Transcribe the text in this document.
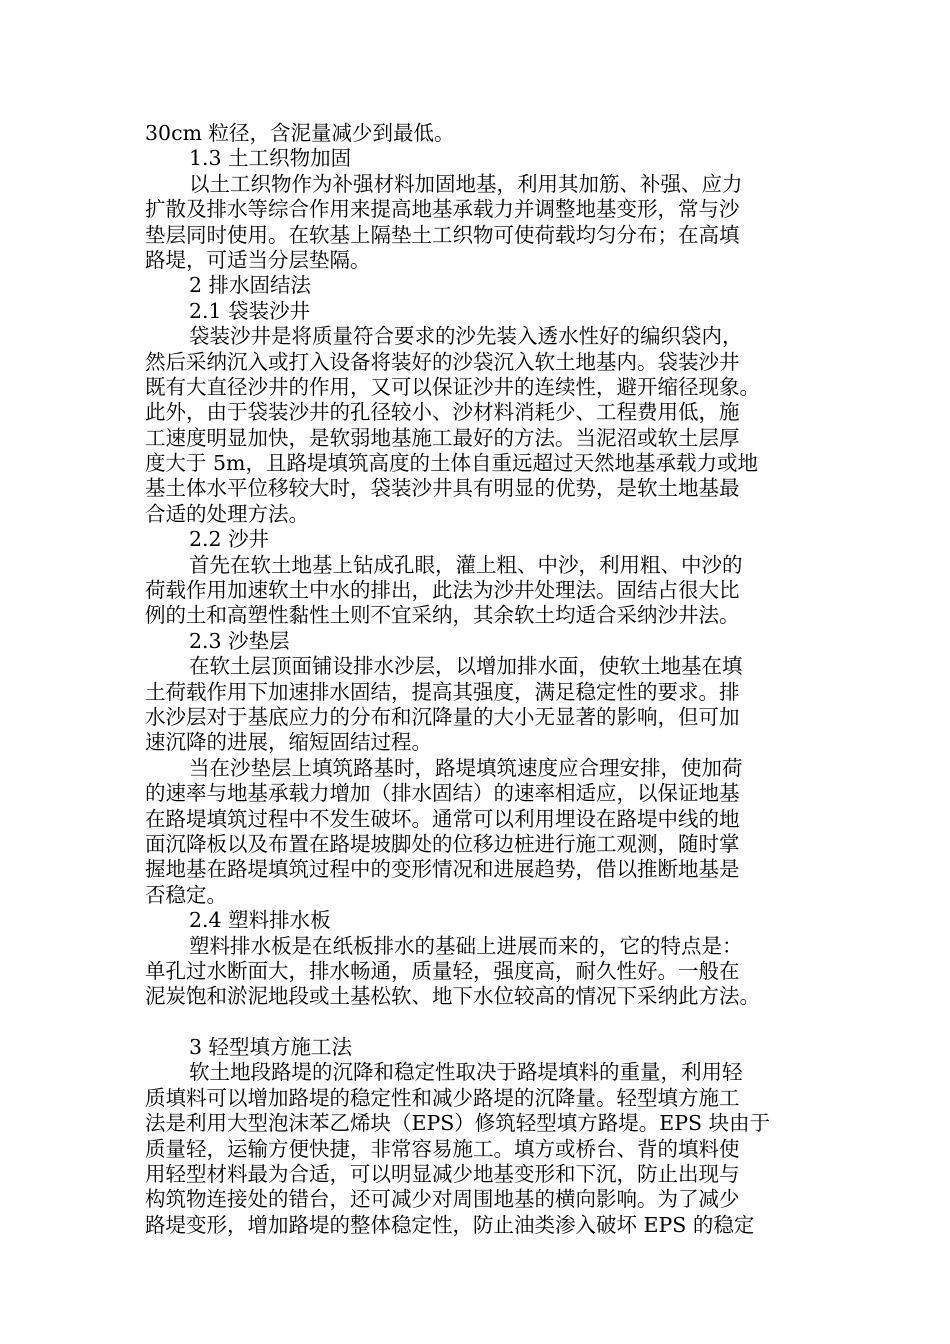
30cm 粒径，含泥量减少到最低。
1.3 土工织物加固
以土工织物作为补强材料加固地基，利用其加筋、补强、应力
扩散及排水等综合作用来提高地基承载力并调整地基变形，常与沙
垫层同时使用。在软基上隔垫土工织物可使荷载均匀分布；在高填
路堤，可适当分层垫隔。
2 排水固结法
2.1 袋装沙井
袋装沙井是将质量符合要求的沙先装入透水性好的编织袋内，
然后采纳沉入或打入设备将装好的沙袋沉入软土地基内。袋装沙井
既有大直径沙井的作用，又可以保证沙井的连续性，避开缩径现象。
此外，由于袋装沙井的孔径较小、沙材料消耗少、工程费用低，施
工速度明显加快，是软弱地基施工最好的方法。当泥沼或软土层厚
度大于 5m，且路堤填筑高度的土体自重远超过天然地基承载力或地
基土体水平位移较大时，袋装沙井具有明显的优势，是软土地基最
合适的处理方法。
2.2 沙井
首先在软土地基上钻成孔眼，灌上粗、中沙，利用粗、中沙的
荷载作用加速软土中水的排出，此法为沙井处理法。固结占很大比
例的土和高塑性黏性土则不宜采纳，其余软土均适合采纳沙井法。
2.3 沙垫层
在软土层顶面铺设排水沙层，以增加排水面，使软土地基在填
土荷载作用下加速排水固结，提高其强度，满足稳定性的要求。排
水沙层对于基底应力的分布和沉降量的大小无显著的影响，但可加
速沉降的进展，缩短固结过程。
当在沙垫层上填筑路基时，路堤填筑速度应合理安排，使加荷
的速率与地基承载力增加（排水固结）的速率相适应，以保证地基
在路堤填筑过程中不发生破坏。通常可以利用埋设在路堤中线的地
面沉降板以及布置在路堤坡脚处的位移边桩进行施工观测，随时掌
握地基在路堤填筑过程中的变形情况和进展趋势，借以推断地基是
否稳定。
2.4 塑料排水板
塑料排水板是在纸板排水的基础上进展而来的，它的特点是：
单孔过水断面大，排水畅通，质量轻，强度高，耐久性好。一般在
泥炭饱和淤泥地段或土基松软、地下水位较高的情况下采纳此方法。
3 轻型填方施工法
软土地段路堤的沉降和稳定性取决于路堤填料的重量，利用轻
质填料可以增加路堤的稳定性和减少路堤的沉降量。轻型填方施工
法是利用大型泡沫苯乙烯块（EPS）修筑轻型填方路堤。EPS 块由于
质量轻，运输方便快捷，非常容易施工。填方或桥台、背的填料使
用轻型材料最为合适，可以明显减少地基变形和下沉，防止出现与
构筑物连接处的错台，还可减少对周围地基的横向影响。为了减少
路堤变形，增加路堤的整体稳定性，防止油类渗入破坏 EPS 的稳定
